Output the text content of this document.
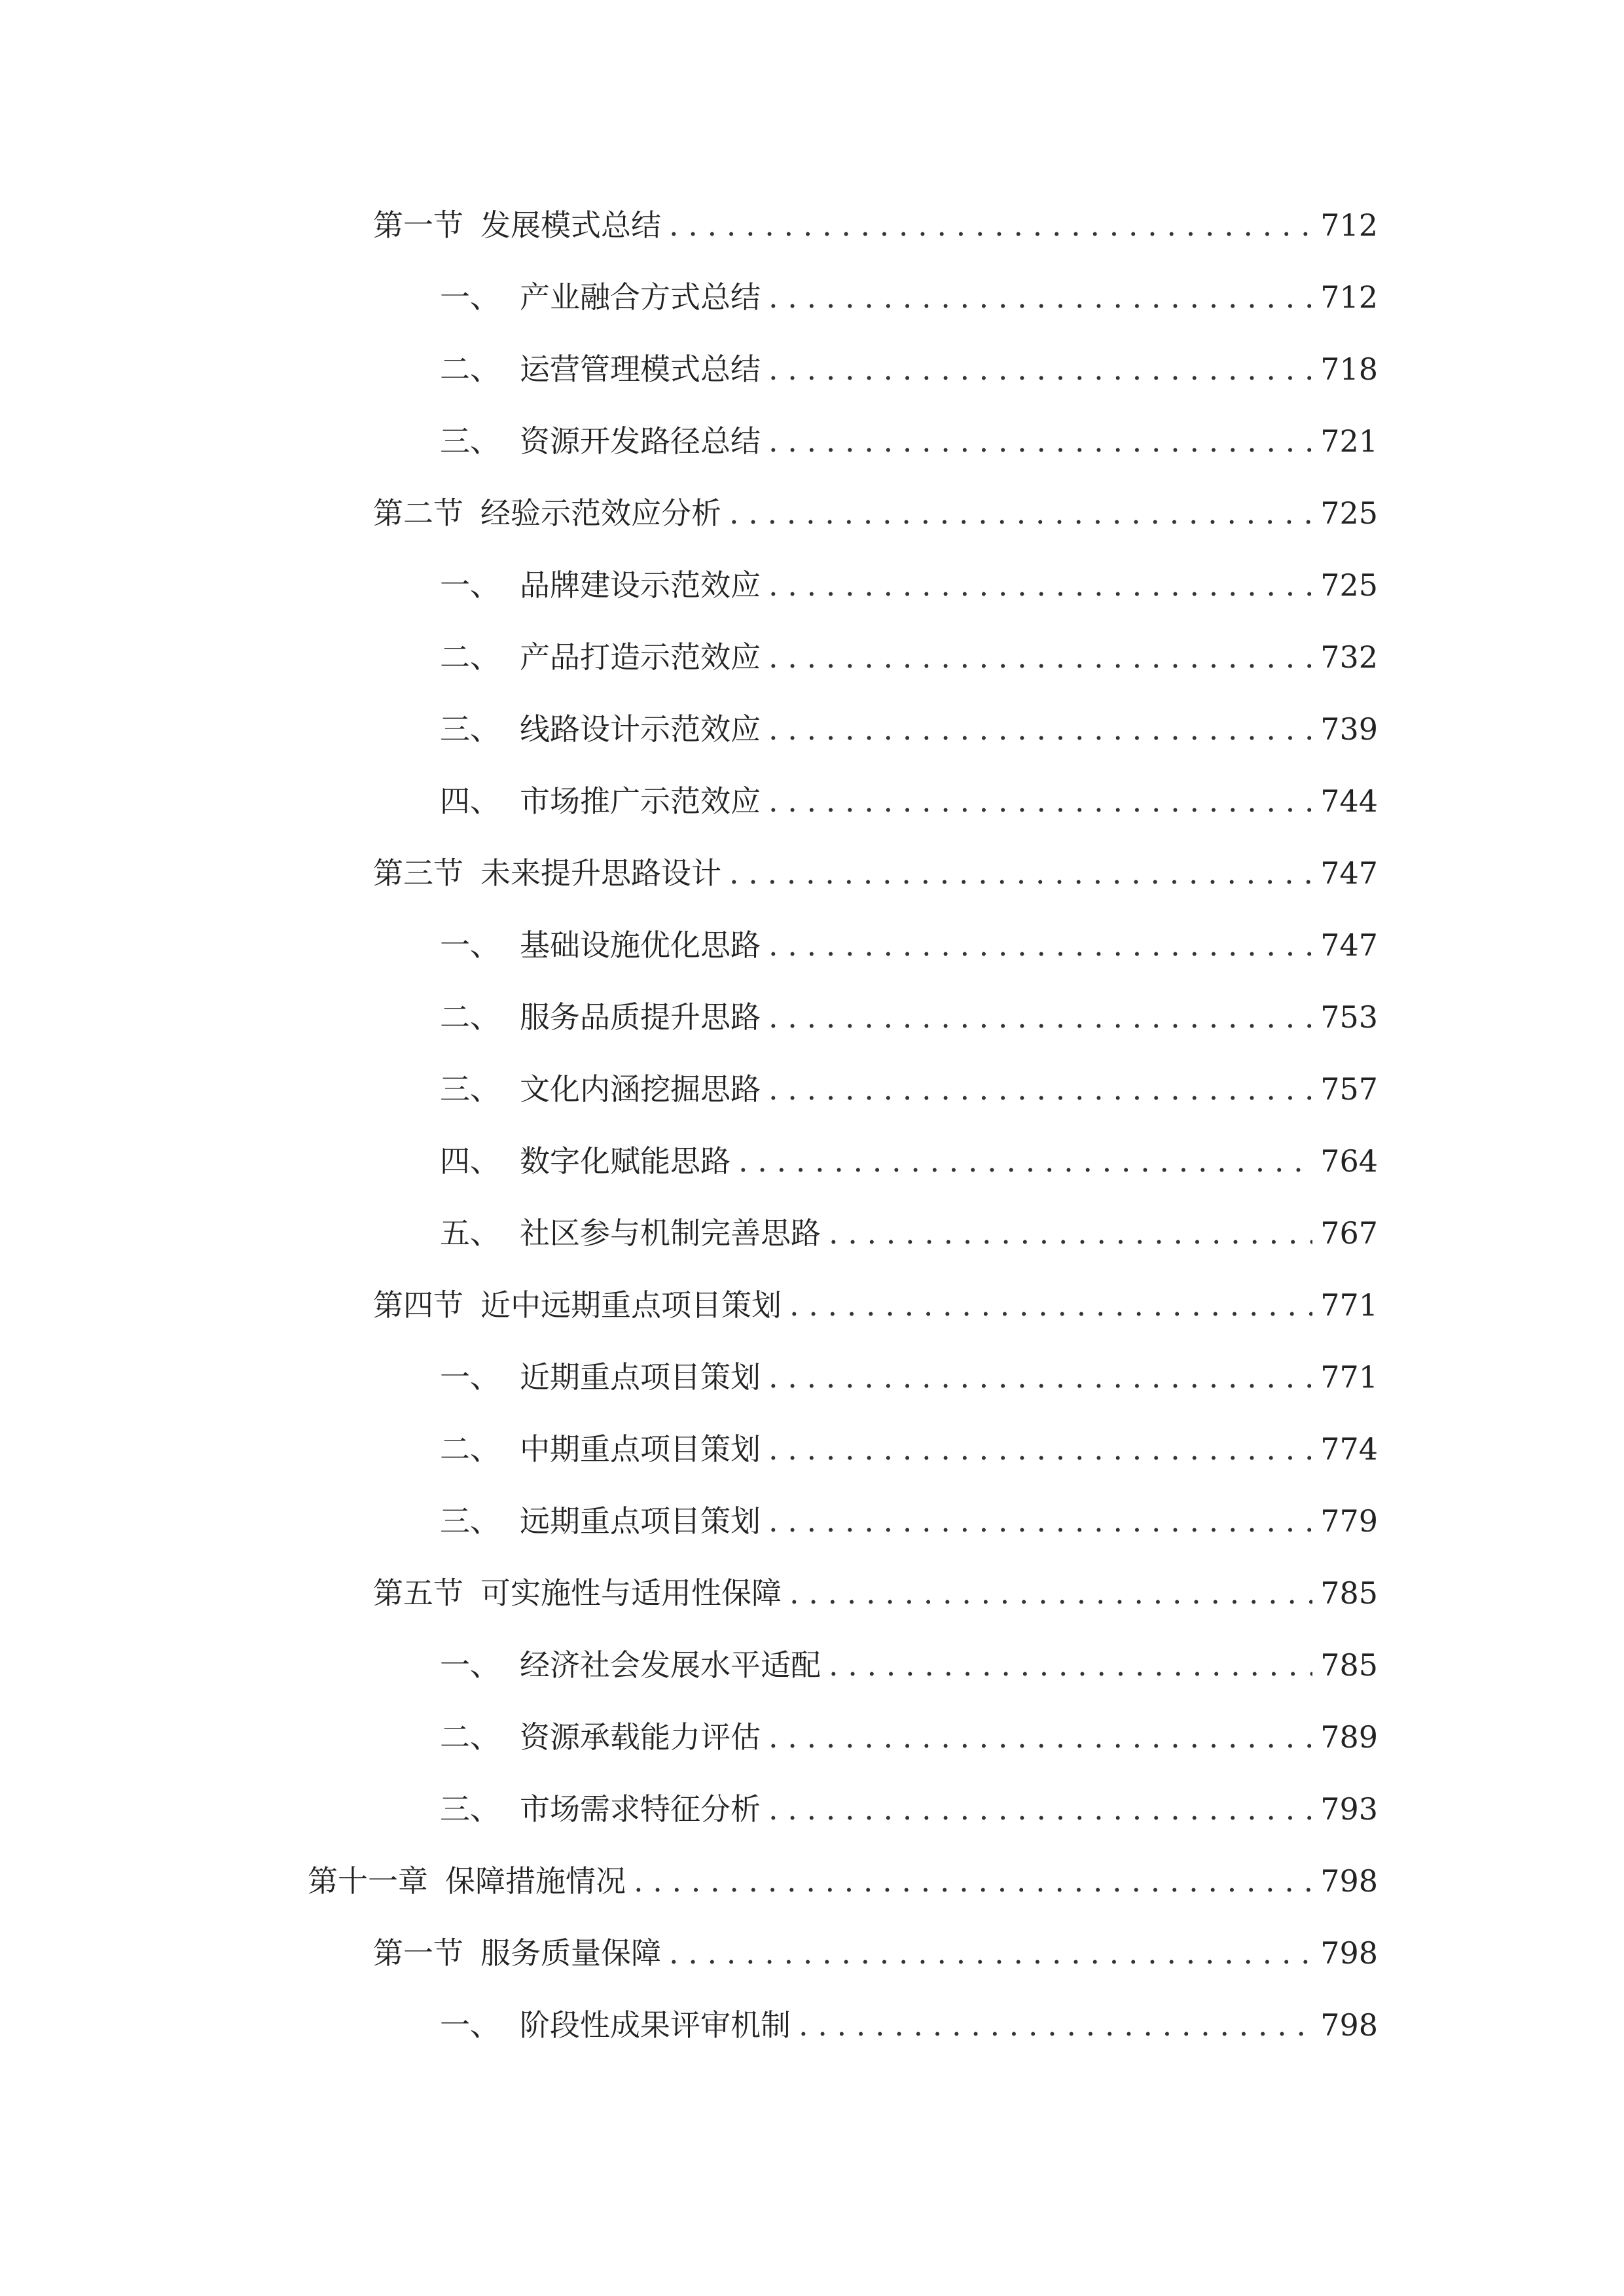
第一节 发展模式总结 . . .	712
一、 产业融合方式总结 . . .	712
二、 运营管理模式总结 . . .	718
三、 资源开发路径总结 . . .	721
第二节 经验示范效应分析 . . .	725
一、 品牌建设示范效应 . . .	725
二、 产品打造示范效应 . . .	732
三、 线路设计示范效应 . . .	739
四、 市场推广示范效应 . . .	744
第三节 未来提升思路设计 . . .	747
一、 基础设施优化思路 . . .	747
二、 服务品质提升思路 . . .	753
三、 文化内涵挖掘思路 . . .	757
四、 数字化赋能思路 . . .	764
五、 社区参与机制完善思路 . . .	767
第四节 近中远期重点项目策划 . . .	771
一、 近期重点项目策划 . . .	771
二、 中期重点项目策划 . . .	774
三、 远期重点项目策划 . . .	779
第五节 可实施性与适用性保障 . . .	785
一、 经济社会发展水平适配 . . .	785
二、 资源承载能力评估 . . .	789
三、 市场需求特征分析 . . .	793
第十一章 保障措施情况 . . .	798
第一节 服务质量保障 . . .	798
一、 阶段性成果评审机制 . . .	798
